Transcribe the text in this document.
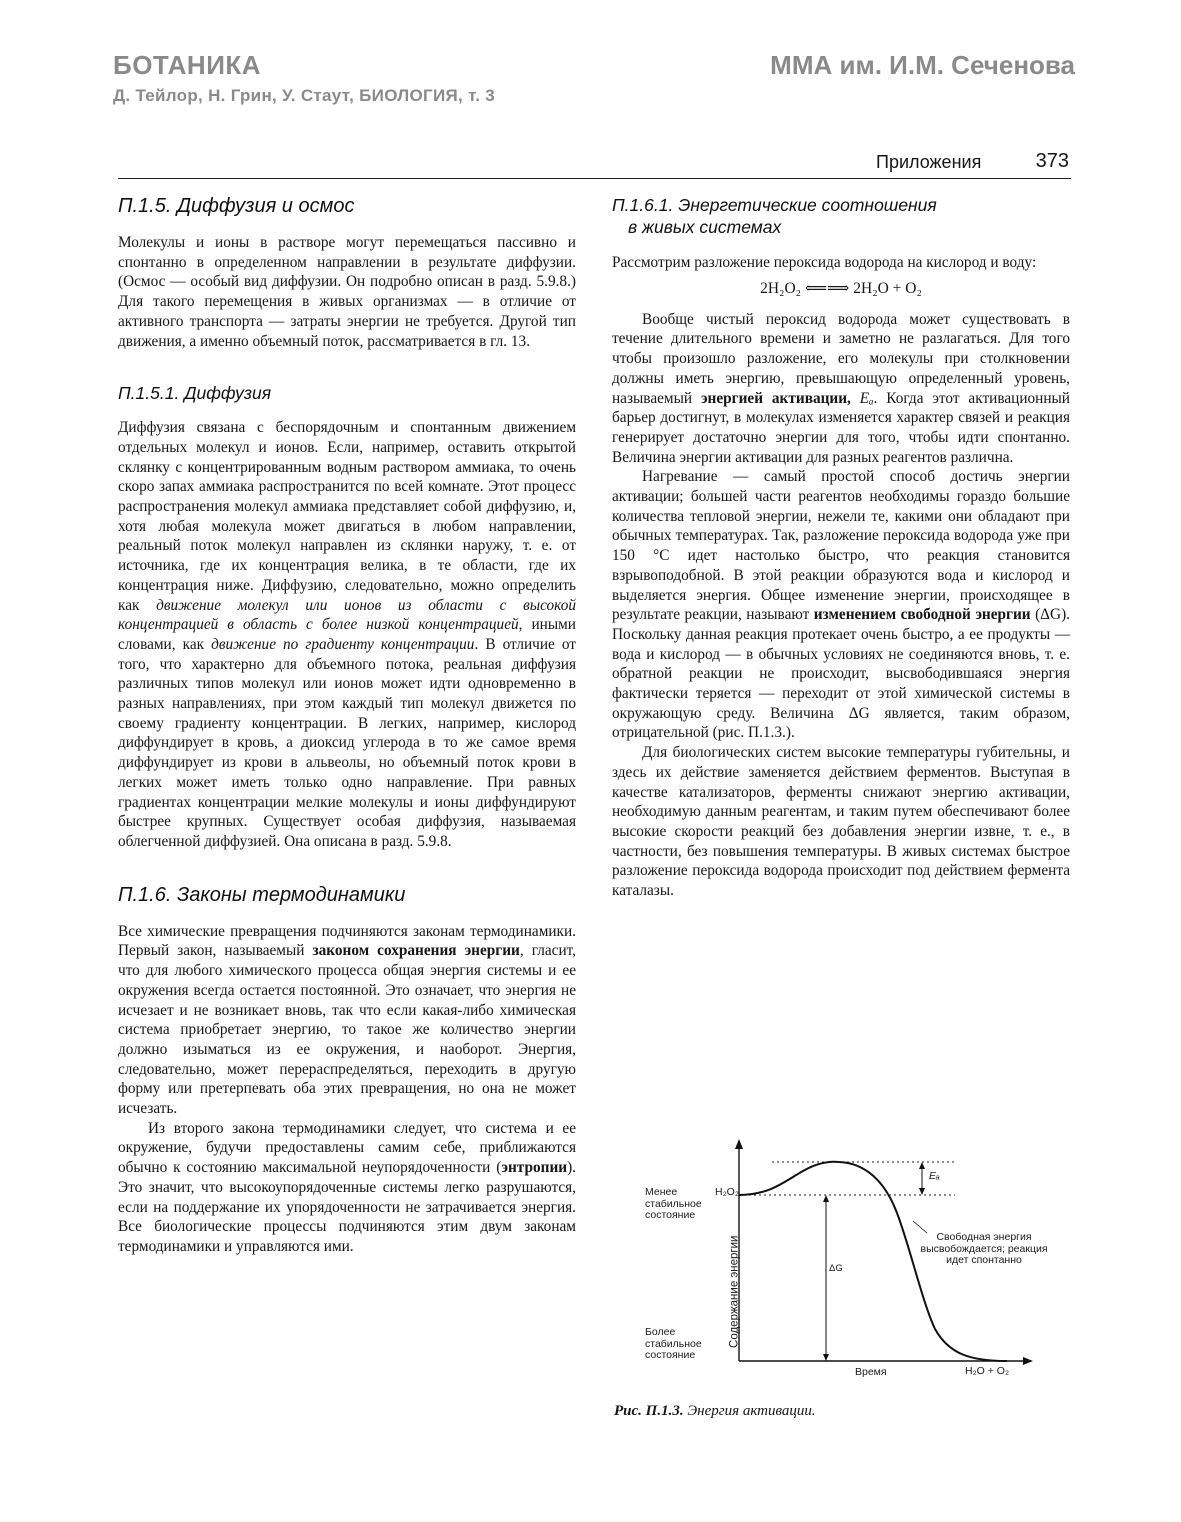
БОТАНИКА	ММА им. И.М. Сеченова
Д. Тейлор, Н. Грин, У. Стаут, БИОЛОГИЯ, т. 3
Приложения	373
П.1.5. Диффузия и осмос

Молекулы и ионы в растворе могут перемещаться пассивно и спонтанно в определенном направлении в результате диффузии. (Осмос — особый вид диффузии. Он подробно описан в разд. 5.9.8.) Для такого перемещения в живых организмах — в отличие от активного транспорта — затраты энергии не требуется. Другой тип движения, а именно объемный поток, рассматривается в гл. 13.

П.1.5.1. Диффузия

Диффузия связана с беспорядочным и спонтанным движением отдельных молекул и ионов. Если, например, оставить открытой склянку с концентрированным водным раствором аммиака, то очень скоро запах аммиака распространится по всей комнате. Этот процесс распространения молекул аммиака представляет собой диффузию, и, хотя любая молекула может двигаться в любом направлении, реальный поток молекул направлен из склянки наружу, т. е. от источника, где их концентрация велика, в те области, где их концентрация ниже. Диффузию, следовательно, можно определить как движение молекул или ионов из области с высокой концентрацией в область с более низкой концентрацией, иными словами, как движение по градиенту концентрации. В отличие от того, что характерно для объемного потока, реальная диффузия различных типов молекул или ионов может идти одновременно в разных направлениях, при этом каждый тип молекул движется по своему градиенту концентрации. В легких, например, кислород диффундирует в кровь, а диоксид углерода в то же самое время диффундирует из крови в альвеолы, но объемный поток крови в легких может иметь только одно направление. При равных градиентах концентрации мелкие молекулы и ионы диффундируют быстрее крупных. Существует особая диффузия, называемая облегченной диффузией. Она описана в разд. 5.9.8.

П.1.6. Законы термодинамики

Все химические превращения подчиняются законам термодинамики. Первый закон, называемый законом сохранения энергии, гласит, что для любого химического процесса общая энергия системы и ее окружения всегда остается постоянной. Это означает, что энергия не исчезает и не возникает вновь, так что если какая-либо химическая система приобретает энергию, то такое же количество энергии должно изыматься из ее окружения, и наоборот. Энергия, следовательно, может перераспределяться, переходить в другую форму или претерпевать оба этих превращения, но она не может исчезать.

Из второго закона термодинамики следует, что система и ее окружение, будучи предоставлены самим себе, приближаются обычно к состоянию максимальной неупорядоченности (энтропии). Это значит, что высокоупорядоченные системы легко разрушаются, если на поддержание их упорядоченности не затрачивается энергия. Все биологические процессы подчиняются этим двум законам термодинамики и управляются ими.

П.1.6.1. Энергетические соотношения
в живых системах

Рассмотрим разложение пероксида водорода на кислород и воду:

2H₂O₂ ⟸⟹ 2H₂O + O₂

Вообще чистый пероксид водорода может существовать в течение длительного времени и заметно не разлагаться. Для того чтобы произошло разложение, его молекулы при столкновении должны иметь энергию, превышающую определенный уровень, называемый энергией активации, Eₐ. Когда этот активационный барьер достигнут, в молекулах изменяется характер связей и реакция генерирует достаточно энергии для того, чтобы идти спонтанно. Величина энергии активации для разных реагентов различна.

Нагревание — самый простой способ достичь энергии активации; большей части реагентов необходимы гораздо большие количества тепловой энергии, нежели те, какими они обладают при обычных температурах. Так, разложение пероксида водорода уже при 150 °С идет настолько быстро, что реакция становится взрывоподобной. В этой реакции образуются вода и кислород и выделяется энергия. Общее изменение энергии, происходящее в результате реакции, называют изменением свободной энергии (ΔG). Поскольку данная реакция протекает очень быстро, а ее продукты — вода и кислород — в обычных условиях не соединяются вновь, т. е. обратной реакции не происходит, высвободившаяся энергия фактически теряется — переходит от этой химической системы в окружающую среду. Величина ΔG является, таким образом, отрицательной (рис. П.1.3.).

Для биологических систем высокие температуры губительны, и здесь их действие заменяется действием ферментов. Выступая в качестве катализаторов, ферменты снижают энергию активации, необходимую данным реагентам, и таким путем обеспечивают более высокие скорости реакций без добавления энергии извне, т. е., в частности, без повышения температуры. В живых системах быстрое разложение пероксида водорода происходит под действием фермента каталазы.

Менее стабильное состояние
H₂O₂
Более стабильное состояние
Eₐ
ΔG
Свободная энергия высвобождается; реакция идет спонтанно
Время	H₂O + O₂
Содержание энергии
Рис. П.1.3. Энергия активации.
